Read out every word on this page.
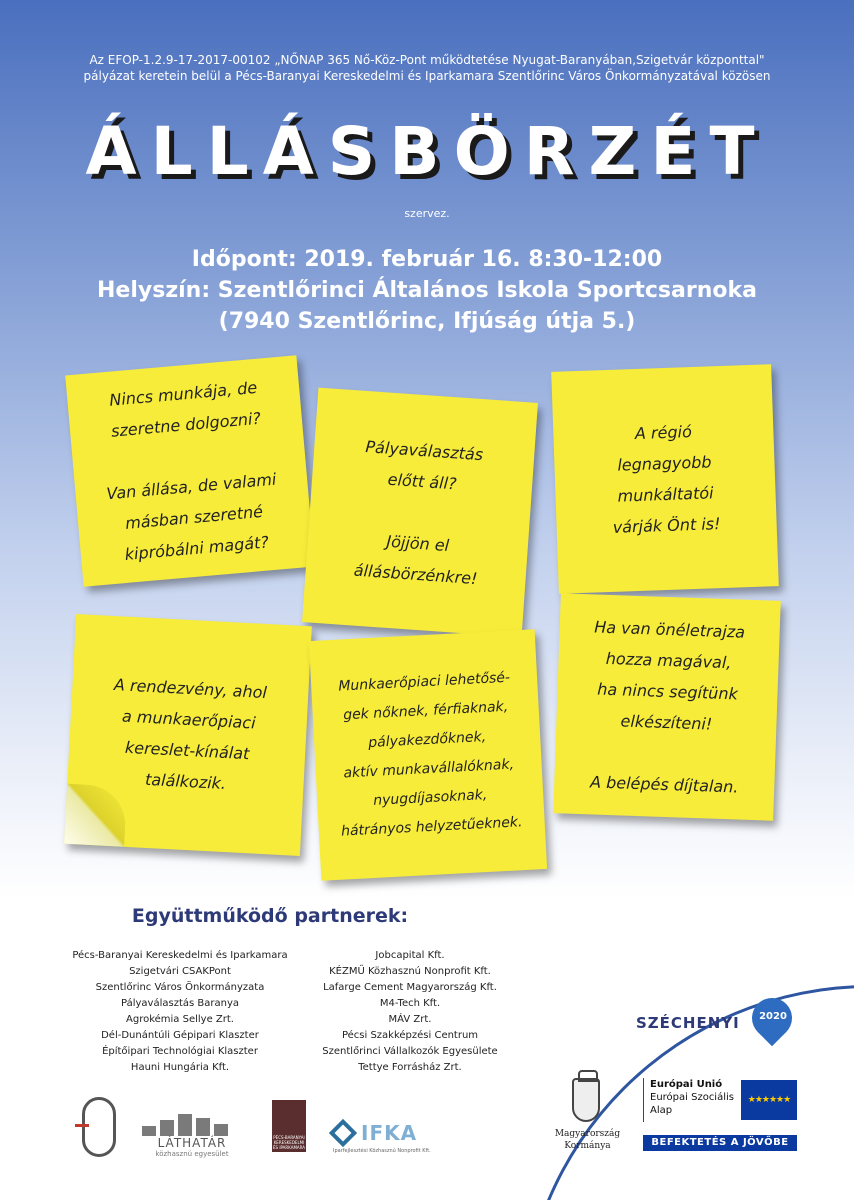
Az EFOP-1.2.9-17-2017-00102 „NŐNAP 365 Nő-Köz-Pont működtetése Nyugat-Baranyában,Szigetvár központtal"
pályázat keretein belül a Pécs-Baranyai Kereskedelmi és Iparkamara Szentlőrinc Város Önkormányzatával közösen
ÁLLÁSBÖRZÉT
szervez.
Időpont: 2019. február 16. 8:30-12:00
Helyszín: Szentlőrinci Általános Iskola Sportcsarnoka
(7940 Szentlőrinc, Ifjúság útja 5.)
Nincs munkája, de
szeretne dolgozni?

Van állása, de valami
másban szeretné
kipróbálni magát?
Pályaválasztás
előtt áll?

Jöjjön el
állásbörzénkre!
A régió
legnagyobb
munkáltatói
várják Önt is!
A rendezvény, ahol
a munkaerőpiaci
kereslet-kínálat
találkozik.
Munkaerőpiaci lehetősé-
gek nőknek, férfiaknak,
pályakezdőknek,
aktív munkavállalóknak,
nyugdíjasoknak,
hátrányos helyzetűeknek.
Ha van önéletrajza
hozza magával,
ha nincs segítünk
elkészíteni!

A belépés díjtalan.
Együttműködő partnerek:
Pécs-Baranyai Kereskedelmi és Iparkamara
Szigetvári CSAKPont
Szentlőrinc Város Önkormányzata
Pályaválasztás Baranya
Agrokémia Sellye Zrt.
Dél-Dunántúli Gépipari Klaszter
Építőipari Technológiai Klaszter
Hauni Hungária Kft.
Jobcapital Kft.
KÉZMŰ Közhasznú Nonprofit Kft.
Lafarge Cement Magyarország Kft.
M4-Tech Kft.
MÁV Zrt.
Pécsi Szakképzési Centrum
Szentlőrinci Vállalkozók Egyesülete
Tettye Forrásház Zrt.
SZÉCHENYI	2020
Magyarország
Kormánya
Európai Unió
Európai Szociális
Alap
★★★★★★
BEFEKTETÉS A JÖVŐBE
LÁTHATÁR
közhasznú egyesület
PÉCS-BARANYAI KERESKEDELMI ÉS IPARKAMARA
IFKA
Iparfejlesztési Közhasznú Nonprofit Kft.
